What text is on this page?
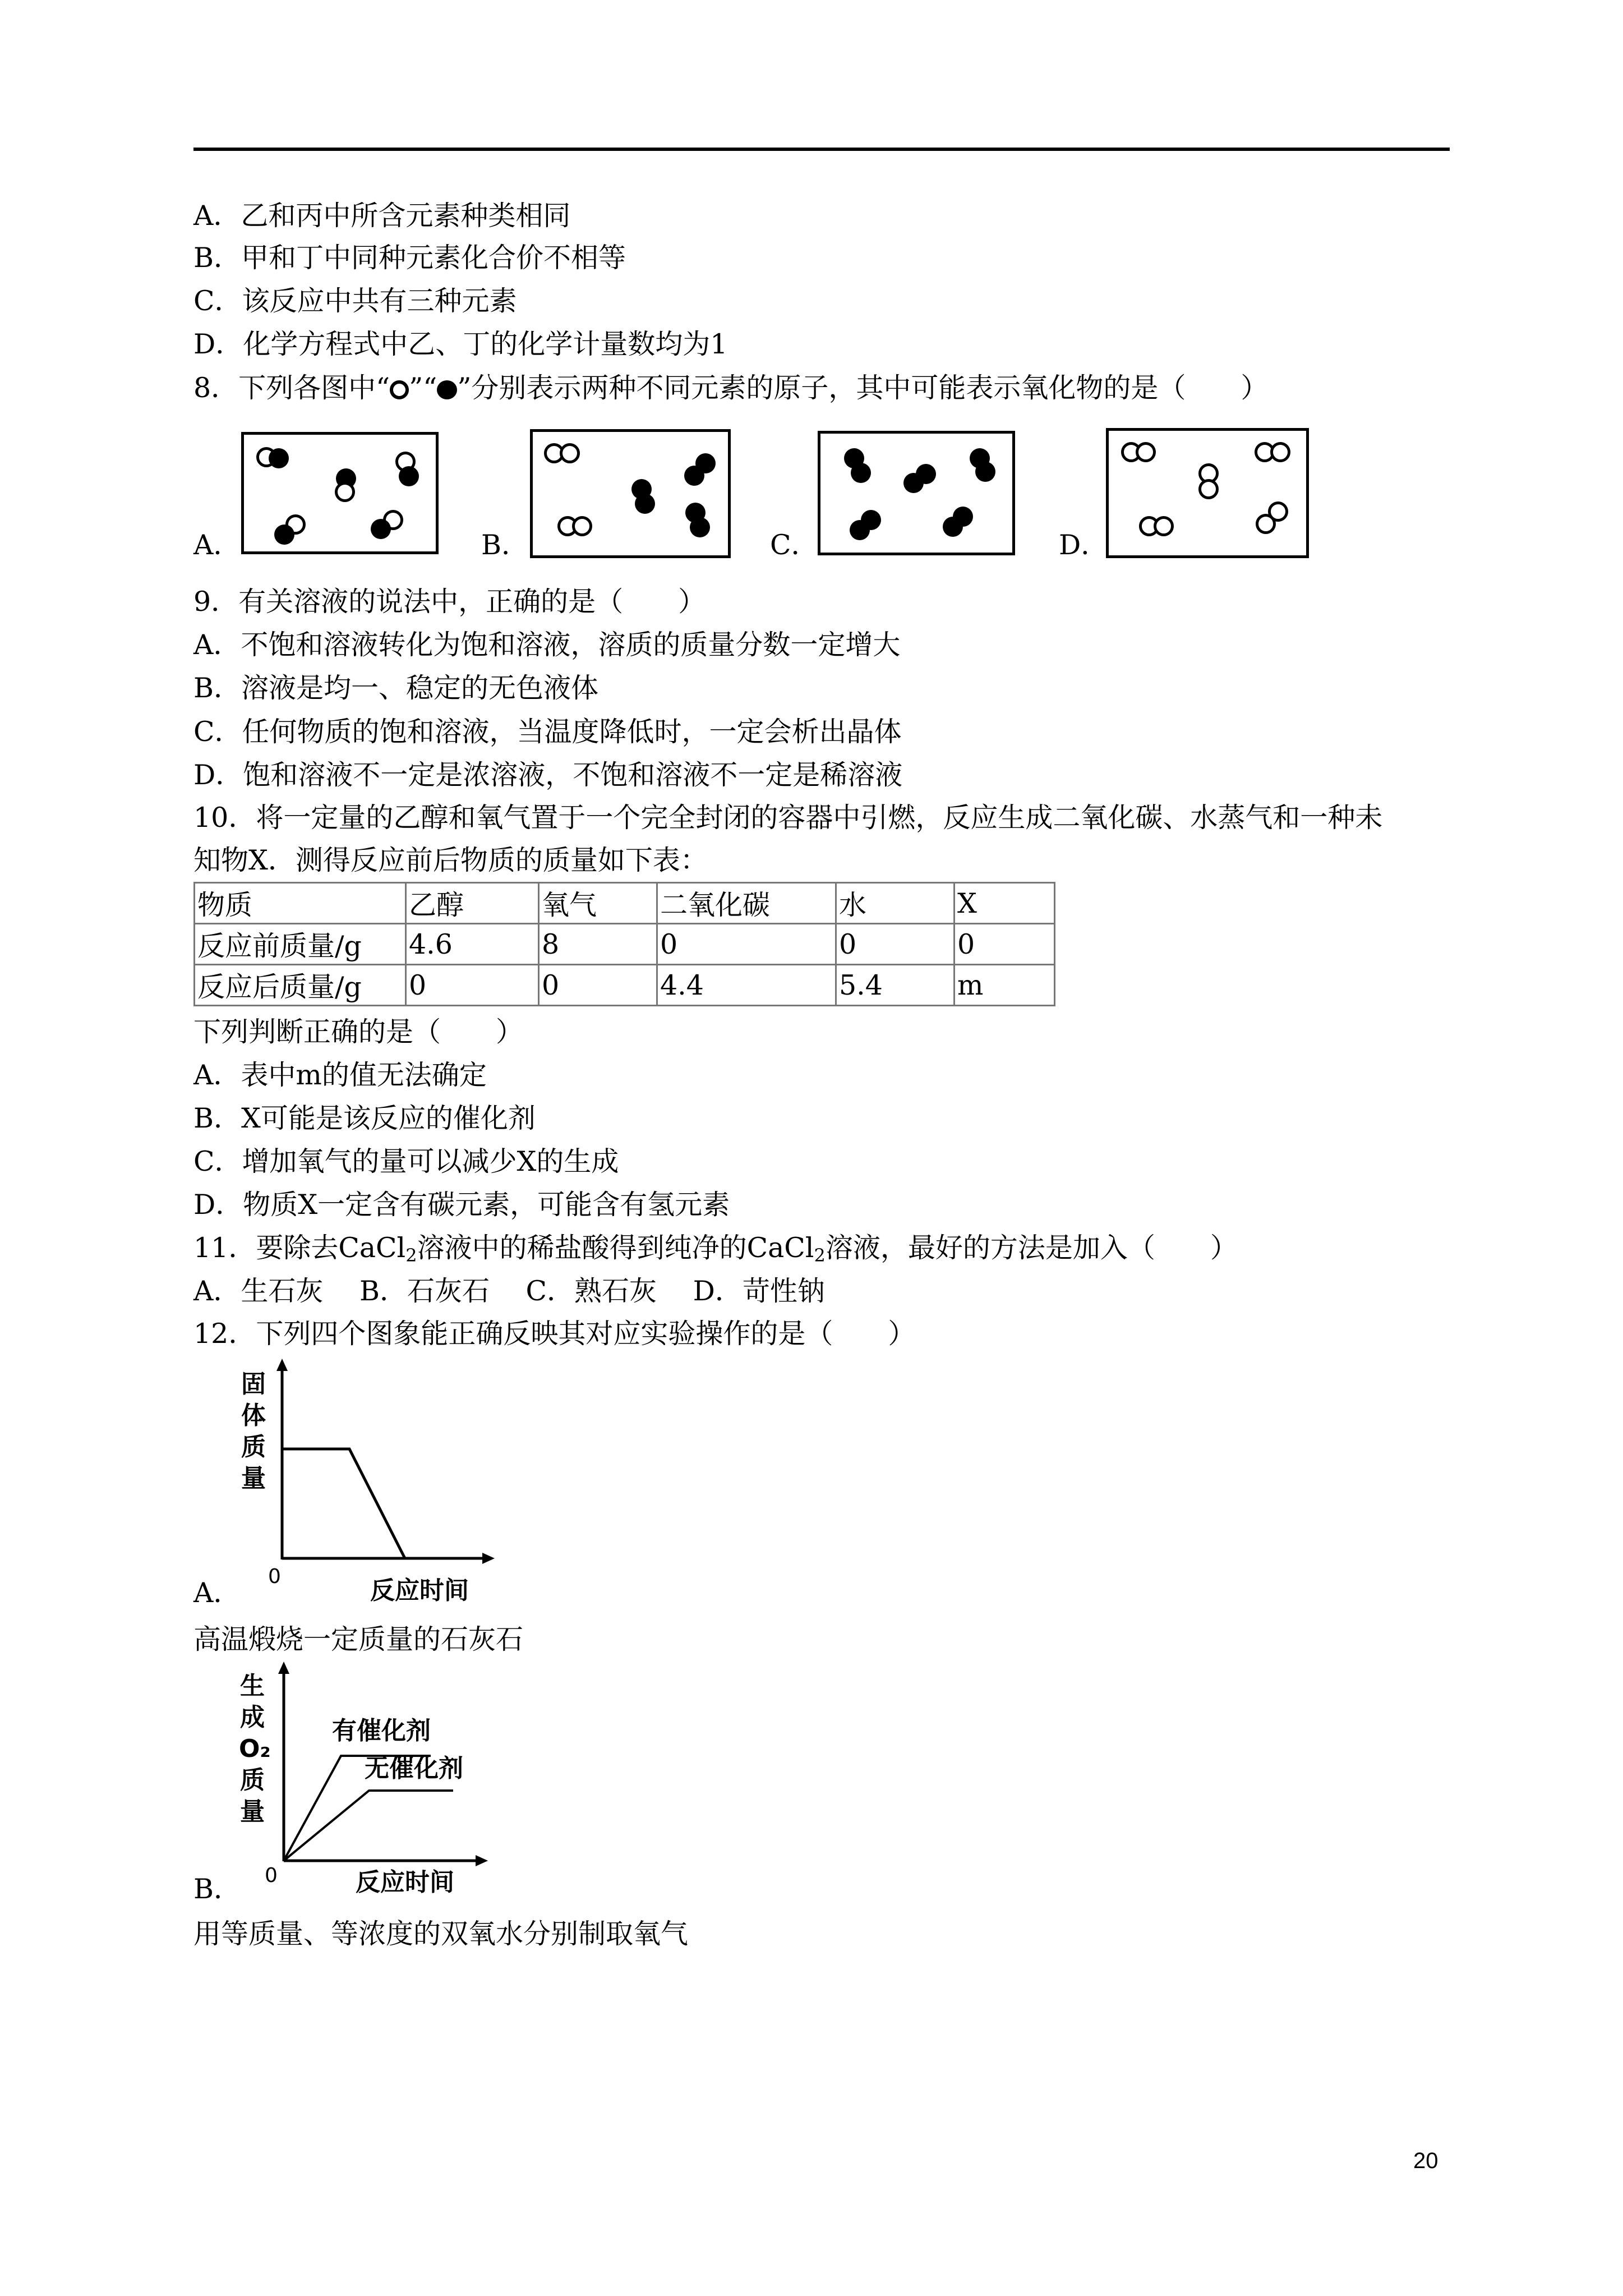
A．乙和丙中所含元素种类相同
B．甲和丁中同种元素化合价不相等
C．该反应中共有三种元素
D．化学方程式中乙、丁的化学计量数均为1
8．下列各图中“ ”“ ”分别表示两种不同元素的原子，其中可能表示氧化物的是（　　）
A．	B．	C．	D．
9．有关溶液的说法中，正确的是（　　）
A．不饱和溶液转化为饱和溶液，溶质的质量分数一定增大
B．溶液是均一、稳定的无色液体
C．任何物质的饱和溶液，当温度降低时，一定会析出晶体
D．饱和溶液不一定是浓溶液，不饱和溶液不一定是稀溶液
10．将一定量的乙醇和氧气置于一个完全封闭的容器中引燃，反应生成二氧化碳、水蒸气和一种未
知物X．测得反应前后物质的质量如下表：
物质	乙醇	氧气	二氧化碳	水	X
反应前质量/g	4.6	8	0	0	0
反应后质量/g	0	0	4.4	5.4	m
下列判断正确的是（　　）
A．表中m的值无法确定
B．X可能是该反应的催化剂
C．增加氧气的量可以减少X的生成
D．物质X一定含有碳元素，可能含有氢元素
11．要除去CaCl$_2$溶液中的稀盐酸得到纯净的CaCl$_2$溶液，最好的方法是加入（　　）
A．生石灰　 B．石灰石　 C．熟石灰　 D．苛性钠
12．下列四个图象能正确反映其对应实验操作的是（　　）
固
体
质
量
0	反应时间
A．
高温煅烧一定质量的石灰石
生
成
O₂
质
量
有催化剂
无催化剂
0	反应时间
B．
用等质量、等浓度的双氧水分别制取氧气
20
